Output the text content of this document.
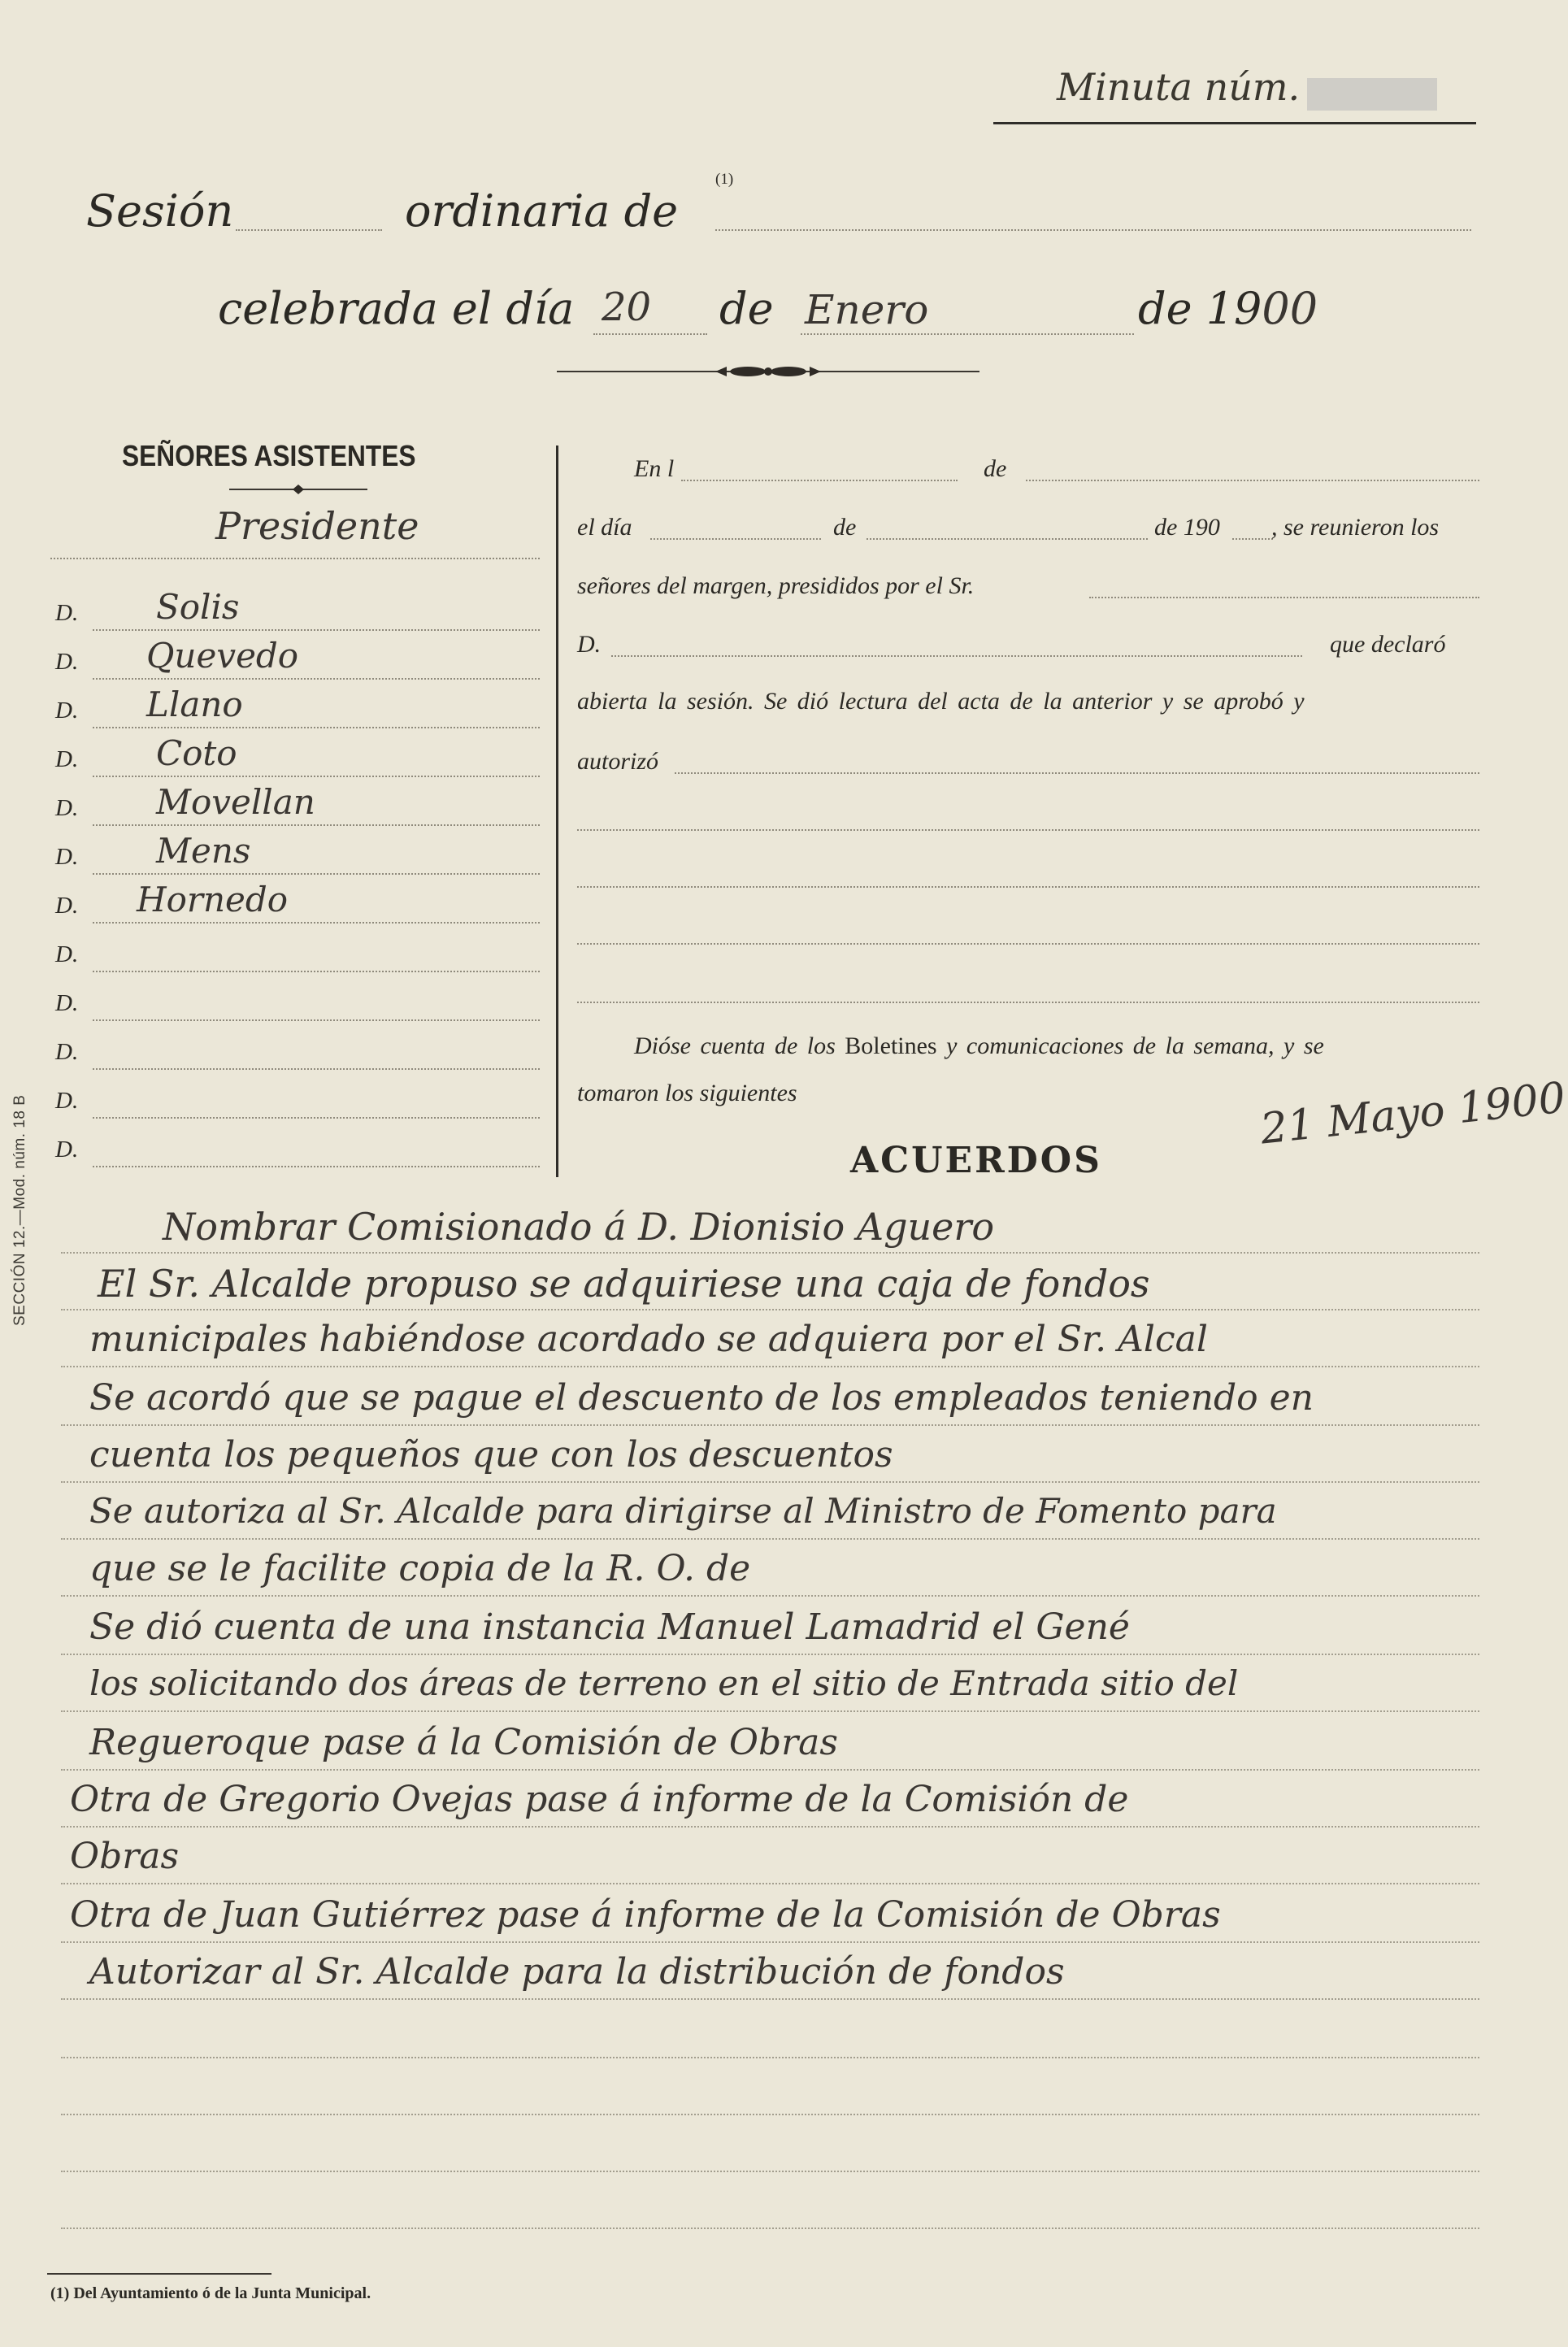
SECCIÓN 12.—Mod. núm. 18 B
Minuta núm.
Sesión	ordinaria de
(1)
celebrada el día 20 de Enero	de 1900
SEÑORES ASISTENTES
Presidente
D. Solis
D. Quevedo
D. Llano
D. Coto
D. Movellan
D. Mens
D. Hornedo
D.
D.
D.
D.
D.
En l	de
el día	de	de 190 , se reunieron los
señores del margen, presididos por el Sr.
D.	que declaró
abierta la sesión. Se dió lectura del acta de la anterior y se aprobó y
autorizó
Dióse cuenta de los Boletines y comunicaciones de la semana, y se
tomaron los siguientes	21 Mayo 1900
ACUERDOS
Nombrar Comisionado á D. Dionisio Aguero
El Sr. Alcalde propuso se adquiriese una caja de fondos
municipales habiéndose acordado se adquiera por el Sr. Alcal
Se acordó que se pague el descuento de los empleados teniendo en
cuenta los pequeños que con los descuentos
Se autoriza al Sr. Alcalde para dirigirse al Ministro de Fomento para
que se le facilite copia de la R. O. de
Se dió cuenta de una instancia Manuel Lamadrid el Gené
los solicitando dos áreas de terreno en el sitio de Entrada sitio del
Regueroque pase á la Comisión de Obras
Otra de Gregorio Ovejas pase á informe de la Comisión de
Obras
Otra de Juan Gutiérrez pase á informe de la Comisión de Obras
Autorizar al Sr. Alcalde para la distribución de fondos
(1) Del Ayuntamiento ó de la Junta Municipal.
